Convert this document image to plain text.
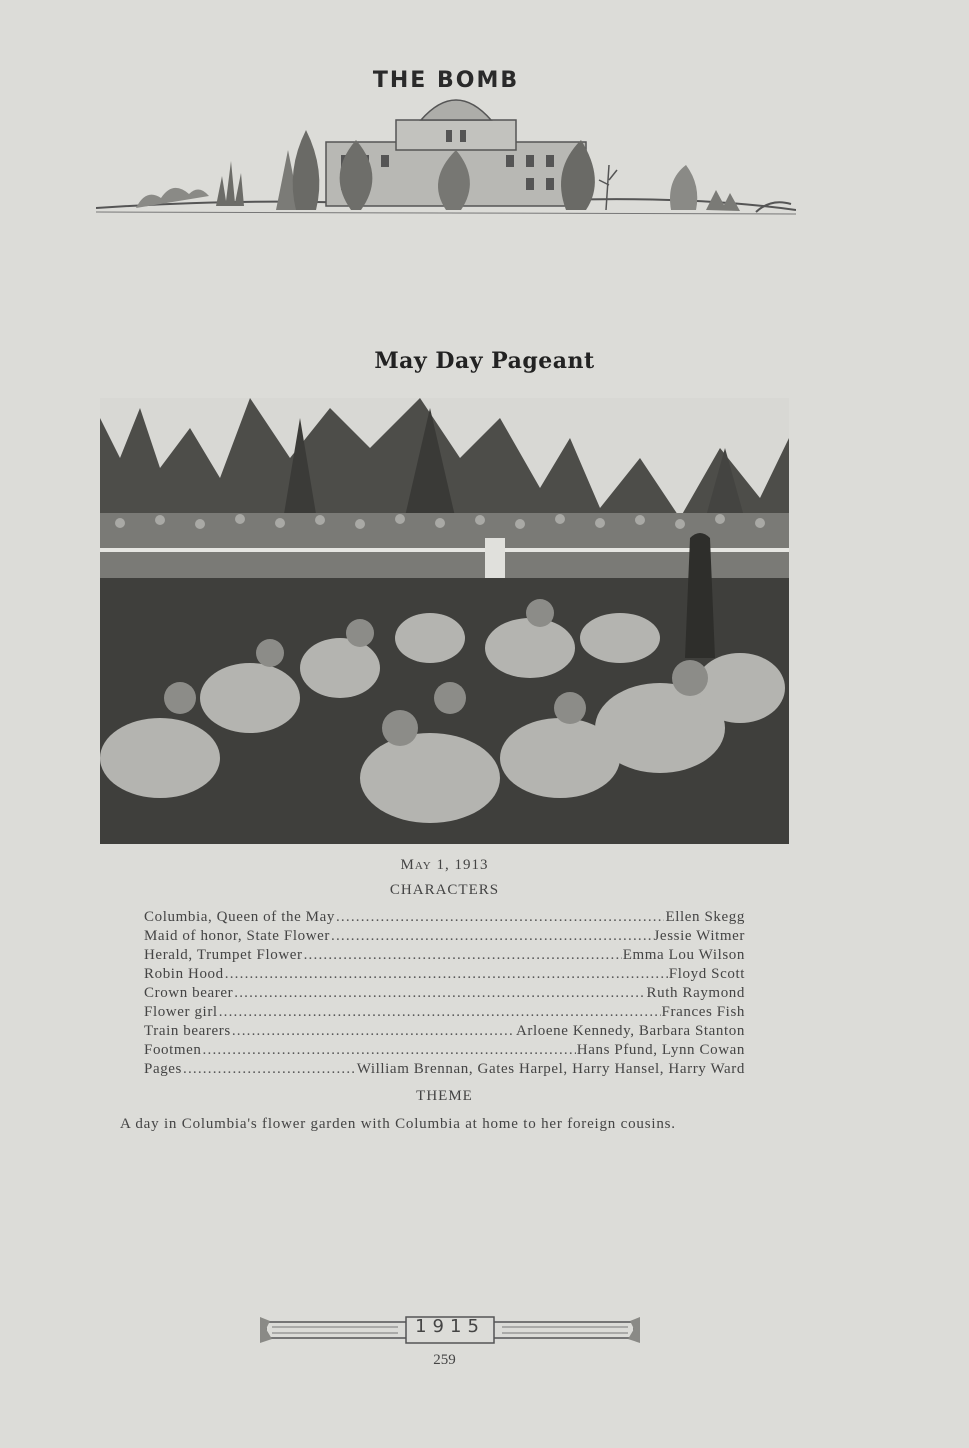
THE BOMB
May Day Pageant
May 1, 1913
CHARACTERS
Columbia, Queen of the May .....	Ellen Skegg
Maid of honor, State Flower .....	Jessie Witmer
Herald, Trumpet Flower .....	Emma Lou Wilson
Robin Hood .....	Floyd Scott
Crown bearer .....	Ruth Raymond
Flower girl .....	Frances Fish
Train bearers .....	Arloene Kennedy, Barbara Stanton
Footmen .....	Hans Pfund, Lynn Cowan
Pages .....	William Brennan, Gates Harpel, Harry Hansel, Harry Ward
THEME
A day in Columbia's flower garden with Columbia at home to her foreign cousins.
1915
259
